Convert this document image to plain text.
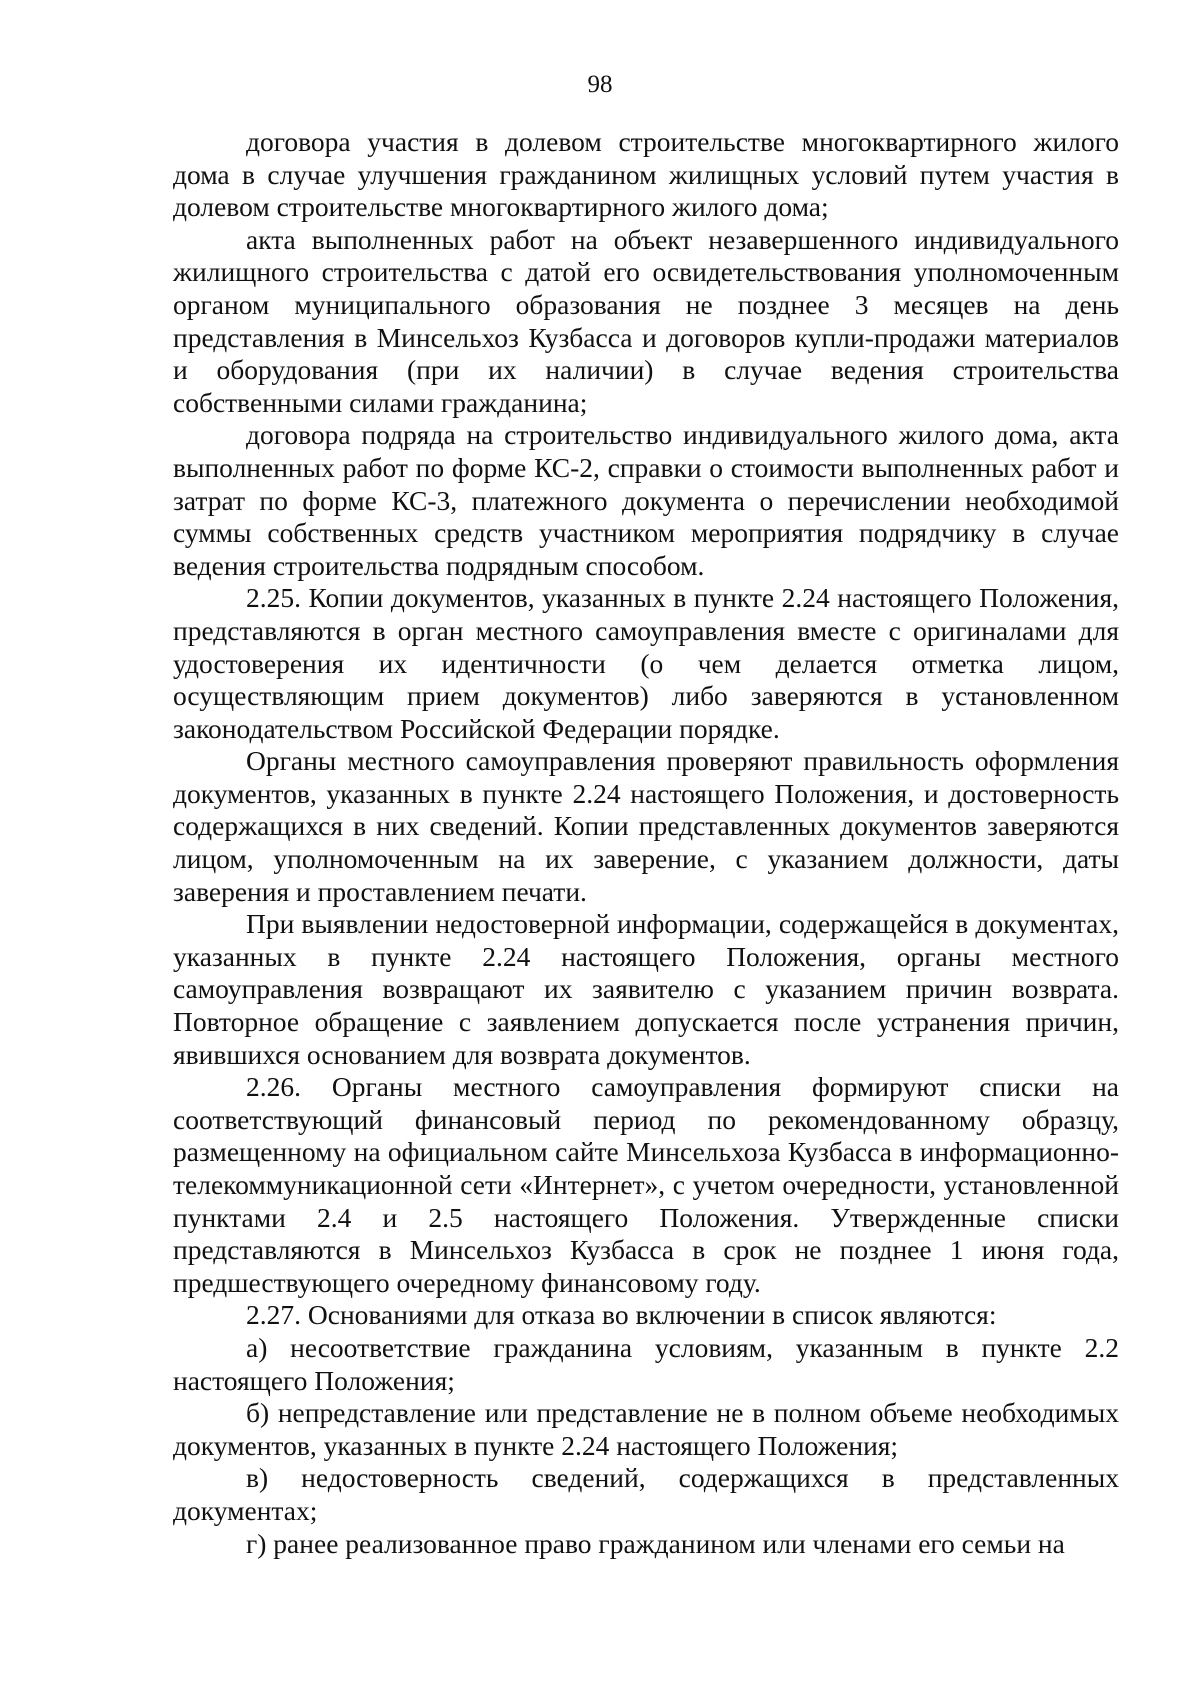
98

договора участия в долевом строительстве многоквартирного жилого дома в случае улучшения гражданином жилищных условий путем участия в долевом строительстве многоквартирного жилого дома;

акта выполненных работ на объект незавершенного индивидуального жилищного строительства с датой его освидетельствования уполномоченным органом муниципального образования не позднее 3 месяцев на день представления в Минсельхоз Кузбасса и договоров купли-продажи материалов и оборудования (при их наличии) в случае ведения строительства собственными силами гражданина;

договора подряда на строительство индивидуального жилого дома, акта выполненных работ по форме КС-2, справки о стоимости выполненных работ и затрат по форме КС-3, платежного документа о перечислении необходимой суммы собственных средств участником мероприятия подрядчику в случае ведения строительства подрядным способом.

2.25. Копии документов, указанных в пункте 2.24 настоящего Положения, представляются в орган местного самоуправления вместе с оригиналами для удостоверения их идентичности (о чем делается отметка лицом, осуществляющим прием документов) либо заверяются в установленном законодательством Российской Федерации порядке.

Органы местного самоуправления проверяют правильность оформления документов, указанных в пункте 2.24 настоящего Положения, и достоверность содержащихся в них сведений. Копии представленных документов заверяются лицом, уполномоченным на их заверение, с указанием должности, даты заверения и проставлением печати.

При выявлении недостоверной информации, содержащейся в документах, указанных в пункте 2.24 настоящего Положения, органы местного самоуправления возвращают их заявителю с указанием причин возврата. Повторное обращение с заявлением допускается после устранения причин, явившихся основанием для возврата документов.

2.26. Органы местного самоуправления формируют списки на соответствующий финансовый период по рекомендованному образцу, размещенному на официальном сайте Минсельхоза Кузбасса в информационно-телекоммуникационной сети «Интернет», с учетом очередности, установленной пунктами 2.4 и 2.5 настоящего Положения. Утвержденные списки представляются в Минсельхоз Кузбасса в срок не позднее 1 июня года, предшествующего очередному финансовому году.

2.27. Основаниями для отказа во включении в список являются:

а) несоответствие гражданина условиям, указанным в пункте 2.2 настоящего Положения;

б) непредставление или представление не в полном объеме необходимых документов, указанных в пункте 2.24 настоящего Положения;

в) недостоверность сведений, содержащихся в представленных документах;

г) ранее реализованное право гражданином или членами его семьи на
